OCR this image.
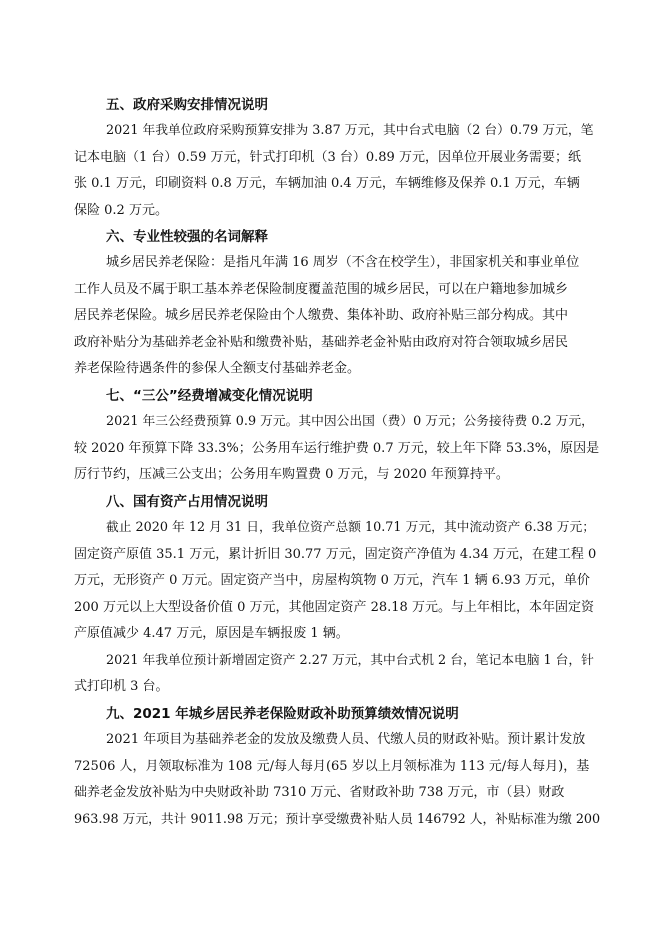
五、政府采购安排情况说明
2021 年我单位政府采购预算安排为 3.87 万元，其中台式电脑（2 台）0.79 万元，笔
记本电脑（1 台）0.59 万元，针式打印机（3 台）0.89 万元，因单位开展业务需要；纸
张 0.1 万元，印刷资料 0.8 万元，车辆加油 0.4 万元，车辆维修及保养 0.1 万元，车辆
保险 0.2 万元。
六、专业性较强的名词解释
城乡居民养老保险：是指凡年满 16 周岁（不含在校学生），非国家机关和事业单位
工作人员及不属于职工基本养老保险制度覆盖范围的城乡居民，可以在户籍地参加城乡
居民养老保险。城乡居民养老保险由个人缴费、集体补助、政府补贴三部分构成。其中
政府补贴分为基础养老金补贴和缴费补贴，基础养老金补贴由政府对符合领取城乡居民
养老保险待遇条件的参保人全额支付基础养老金。
七、“三公”经费增减变化情况说明
2021 年三公经费预算 0.9 万元。其中因公出国（费）0 万元；公务接待费 0.2 万元，
较 2020 年预算下降 33.3%；公务用车运行维护费 0.7 万元，较上年下降 53.3%，原因是
厉行节约，压减三公支出；公务用车购置费 0 万元，与 2020 年预算持平。
八、国有资产占用情况说明
截止 2020 年 12 月 31 日，我单位资产总额 10.71 万元，其中流动资产 6.38 万元；
固定资产原值 35.1 万元，累计折旧 30.77 万元，固定资产净值为 4.34 万元，在建工程 0
万元，无形资产 0 万元。固定资产当中，房屋构筑物 0 万元，汽车 1 辆 6.93 万元，单价
200 万元以上大型设备价值 0 万元，其他固定资产 28.18 万元。与上年相比，本年固定资
产原值减少 4.47 万元，原因是车辆报废 1 辆。
2021 年我单位预计新增固定资产 2.27 万元，其中台式机 2 台，笔记本电脑 1 台，针
式打印机 3 台。
九、2021 年城乡居民养老保险财政补助预算绩效情况说明
2021 年项目为基础养老金的发放及缴费人员、代缴人员的财政补贴。预计累计发放
72506 人，月领取标准为 108 元/每人每月(65 岁以上月领标准为 113 元/每人每月)，基
础养老金发放补贴为中央财政补助 7310 万元、省财政补助 738 万元，市（县）财政
963.98 万元，共计 9011.98 万元；预计享受缴费补贴人员 146792 人，补贴标准为缴 200
